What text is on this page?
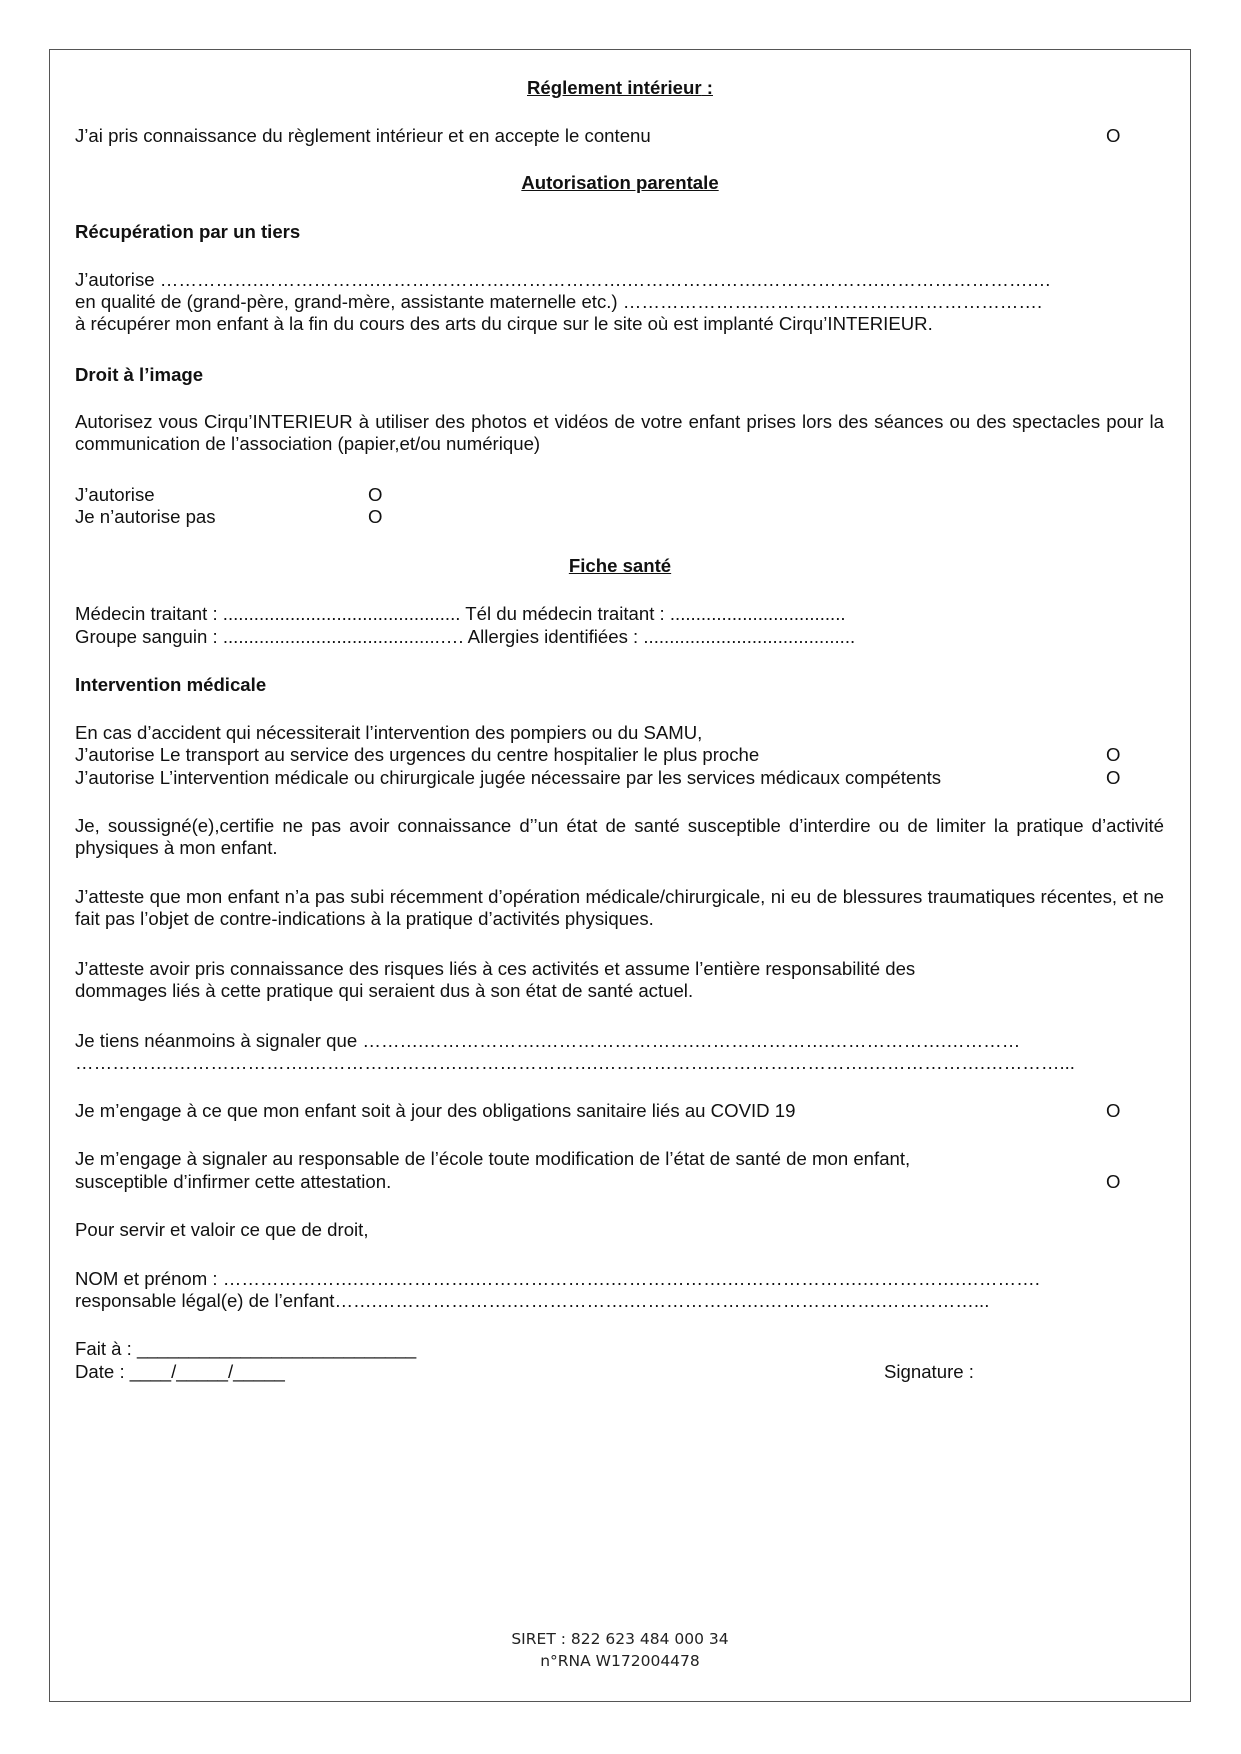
Réglement intérieur :
J’ai pris connaissance du règlement intérieur et en accepte le contenu	O
Autorisation parentale
Récupération par un tiers
J’autorise …………….……………….………………….……………….………………….……………….…………………….…
en qualité de (grand-père, grand-mère, assistante maternelle etc.) ………………….……………………………………….
à récupérer mon enfant à la fin du cours des arts du cirque sur le site où est implanté Cirqu’INTERIEUR.
Droit à l’image
Autorisez vous Cirqu’INTERIEUR à utiliser des photos et vidéos de votre enfant prises lors des séances ou des spectacles pour la communication de l’association (papier,et/ou numérique)
J’autorise	O
Je n’autorise pas	O
Fiche santé
Médecin traitant : .............................................. Tél du médecin traitant : ..................................
Groupe sanguin : ..........................................…. Allergies identifiées : .........................................
Intervention médicale
En cas d’accident qui nécessiterait l’intervention des pompiers ou du SAMU,
J’autorise Le transport au service des urgences du centre hospitalier le plus proche	O
J’autorise L’intervention médicale ou chirurgicale jugée nécessaire par les services médicaux compétents	O
Je, soussigné(e),certifie ne pas avoir connaissance d’’un état de santé susceptible d’interdire ou de limiter la pratique d’activité physiques à mon enfant.
J’atteste que mon enfant n’a pas subi récemment d’opération médicale/chirurgicale, ni eu de blessures traumatiques récentes, et ne fait pas l’objet de contre-indications à la pratique d’activités physiques.
J’atteste avoir pris connaissance des risques liés à ces activités et assume l’entière responsabilité des
dommages liés à cette pratique qui seraient dus à son état de santé actuel.
Je tiens néanmoins à signaler que ……….……………….…………………….………………….……………….…………
…………….………………….…………………….………………….……………….…………………….……………….…………...
Je m’engage à ce que mon enfant soit à jour des obligations sanitaire liés au COVID 19	O
Je m’engage à signaler au responsable de l’école toute modification de l’état de santé de mon enfant,
susceptible d’infirmer cette attestation.	O
Pour servir et valoir ce que de droit,
NOM et prénom : ………………….……………….………………….……………….………………….…………….………….
responsable légal(e) de l’enfant…….………………….……………….………………….……………….……………...
Fait à : ___________________________
Date : ____/_____/_____	Signature :
SIRET : 822 623 484 000 34
n°RNA W172004478
